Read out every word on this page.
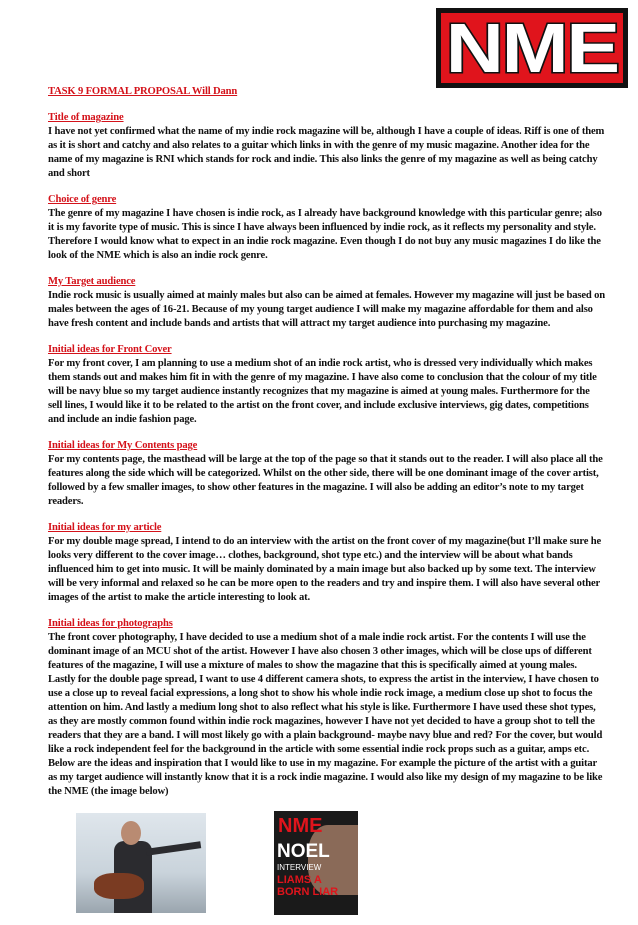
NME
TASK 9 FORMAL PROPOSAL Will Dann
Title of magazine

I have not yet confirmed what the name of my indie rock magazine will be, although I have a couple of ideas. Riff is one of them as it is short and catchy and also relates to a guitar which links in with the genre of my music magazine. Another idea for the name of my magazine is RNI which stands for rock and indie. This also links the genre of my magazine as well as being catchy and short

Choice of genre

The genre of my magazine I have chosen is indie rock, as I already have background knowledge with this particular genre; also it is my favorite type of music. This is since I have always been influenced by indie rock, as it reflects my personality and style. Therefore I would know what to expect in an indie rock magazine. Even though I do not buy any music magazines I do like the look of the NME which is also an indie rock genre.

My Target audience

Indie rock music is usually aimed at mainly males but also can be aimed at females. However my magazine will just be based on males between the ages of 16-21. Because of my young target audience I will make my magazine affordable for them and also have fresh content and include bands and artists that will attract my target audience into purchasing my magazine.

Initial ideas for Front Cover

For my front cover, I am planning to use a medium shot of an indie rock artist, who is dressed very individually which makes them stands out and makes him fit in with the genre of my magazine. I have also come to conclusion that the colour of my title will be navy blue so my target audience instantly recognizes that my magazine is aimed at young males. Furthermore for the sell lines, I would like it to be related to the artist on the front cover, and include exclusive interviews, gig dates, competitions and include an indie fashion page.

Initial ideas for My Contents page

For my contents page, the masthead will be large at the top of the page so that it stands out to the reader. I will also place all the features along the side which will be categorized. Whilst on the other side, there will be one dominant image of the cover artist, followed by a few smaller images, to show other features in the magazine. I will also be adding an editor’s note to my target readers.

Initial ideas for my article

For my double mage spread, I intend to do an interview with the artist on the front cover of my magazine(but I’ll make sure he looks very different to the cover image… clothes, background, shot type etc.) and the interview will be about what bands influenced him to get into music. It will be mainly dominated by a main image but also backed up by some text. The interview will be very informal and relaxed so he can be more open to the readers and try and inspire them. I will also have several other images of the artist to make the article interesting to look at.

Initial ideas for photographs

The front cover photography, I have decided to use a medium shot of a male indie rock artist. For the contents I will use the dominant image of an MCU shot of the artist. However I have also chosen 3 other images, which will be close ups of different features of the magazine, I will use a mixture of males to show the magazine that this is specifically aimed at young males. Lastly for the double page spread, I want to use 4 different camera shots, to express the artist in the interview, I have chosen to use a close up to reveal facial expressions, a long shot to show his whole indie rock image, a medium close up shot to focus the attention on him. And lastly a medium long shot to also reflect what his style is like. Furthermore I have used these shot types, as they are mostly common found within indie rock magazines, however I have not yet decided to have a group shot to tell the readers that they are a band. I will most likely go with a plain background- maybe navy blue and red? For the cover, but would like a rock independent feel for the background in the article with some essential indie rock props such as a guitar, amps etc. Below are the ideas and inspiration that I would like to use in my magazine. For example the picture of the artist with a guitar as my target audience will instantly know that it is a rock indie magazine. I would also like my design of my magazine to be like the NME (the image below)

NME
NOEL
INTERVIEW
LIAMS A BORN LIAR
